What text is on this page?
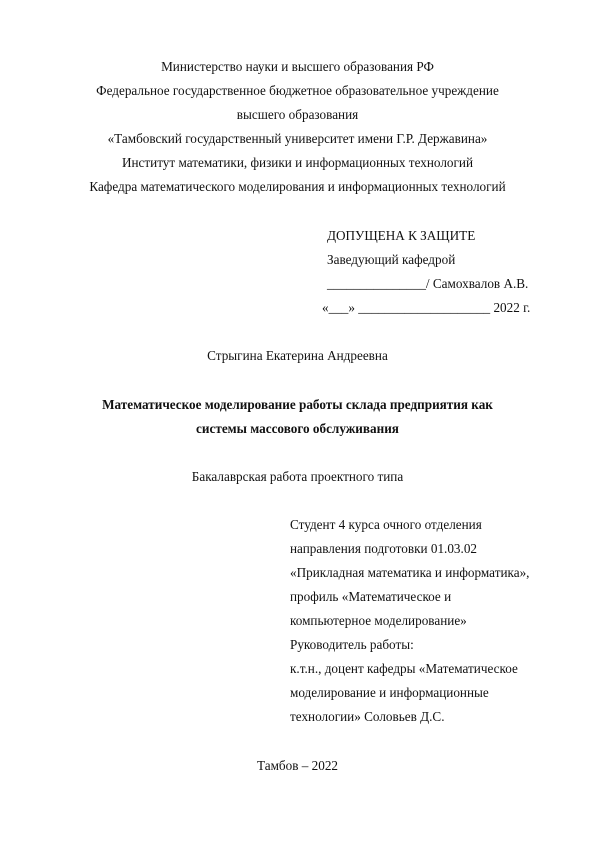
Министерство науки и высшего образования РФ
Федеральное государственное бюджетное образовательное учреждение
высшего образования
«Тамбовский государственный университет имени Г.Р. Державина»
Институт математики, физики и информационных технологий
Кафедра математического моделирования и информационных технологий
ДОПУЩЕНА К ЗАЩИТЕ
Заведующий кафедрой
_______________/ Самохвалов А.В.
«___» ____________________ 2022 г.
Стрыгина Екатерина Андреевна
Математическое моделирование работы склада предприятия как
системы массового обслуживания
Бакалаврская работа проектного типа
Студент 4 курса очного отделения
направления подготовки 01.03.02
«Прикладная математика и информатика»,
профиль «Математическое и
компьютерное моделирование»
Руководитель работы:
к.т.н., доцент кафедры «Математическое
моделирование и информационные
технологии» Соловьев Д.С.
Тамбов – 2022
